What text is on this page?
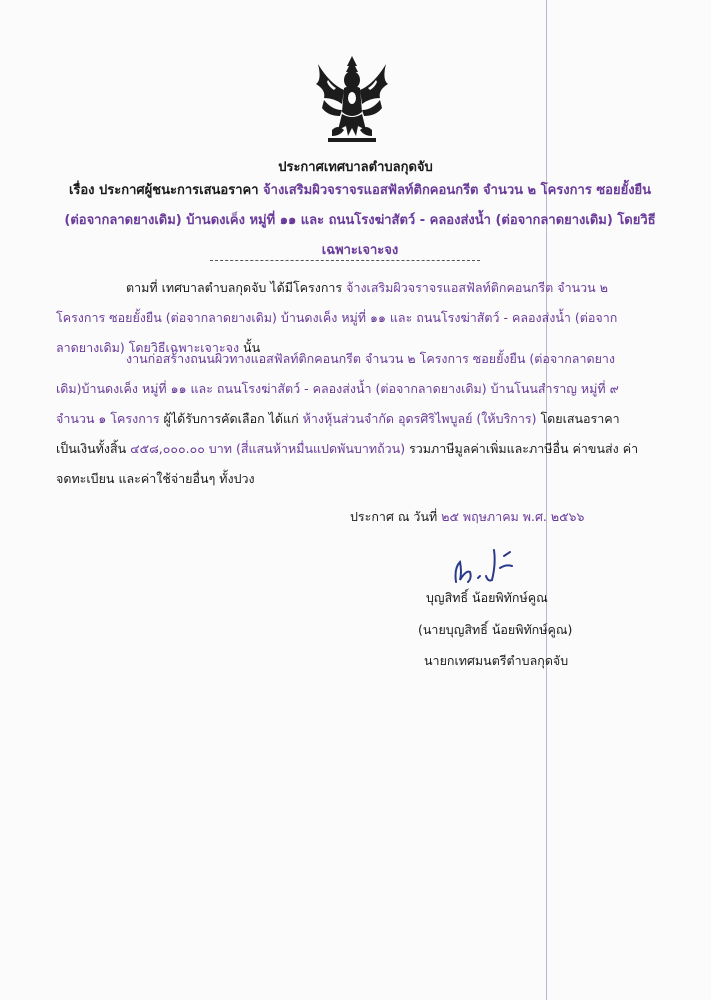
ประกาศเทศบาลตำบลกุดจับ
เรื่อง ประกาศผู้ชนะการเสนอราคา จ้างเสริมผิวจราจรแอสฟัลท์ติกคอนกรีต จำนวน ๒ โครงการ ซอยยั้งยืน (ต่อจากลาดยางเดิม) บ้านดงเค็ง หมู่ที่ ๑๑ และ ถนนโรงฆ่าสัตว์ - คลองส่งน้ำ (ต่อจากลาดยางเดิม) โดยวิธีเฉพาะเจาะจง
ตามที่ เทศบาลตำบลกุดจับ ได้มีโครงการ จ้างเสริมผิวจราจรแอสฟัลท์ติกคอนกรีต จำนวน ๒ โครงการ ซอยยั้งยืน (ต่อจากลาดยางเดิม) บ้านดงเค็ง หมู่ที่ ๑๑ และ ถนนโรงฆ่าสัตว์ - คลองส่งน้ำ (ต่อจากลาดยางเดิม) โดยวิธีเฉพาะเจาะจง นั้น
งานก่อสร้างถนนผิวทางแอสฟัลท์ติกคอนกรีต จำนวน ๒ โครงการ ซอยยั้งยืน (ต่อจากลาดยางเดิม)บ้านดงเค็ง หมู่ที่ ๑๑ และ ถนนโรงฆ่าสัตว์ - คลองส่งน้ำ (ต่อจากลาดยางเดิม) บ้านโนนสำราญ หมู่ที่ ๙ จำนวน ๑ โครงการ ผู้ได้รับการคัดเลือก ได้แก่ ห้างหุ้นส่วนจำกัด อุดรศิริไพบูลย์ (ให้บริการ) โดยเสนอราคา เป็นเงินทั้งสิ้น ๔๕๘,๐๐๐.๐๐ บาท (สี่แสนห้าหมื่นแปดพันบาทถ้วน) รวมภาษีมูลค่าเพิ่มและภาษีอื่น ค่าขนส่ง ค่าจดทะเบียน และค่าใช้จ่ายอื่นๆ ทั้งปวง
ประกาศ ณ วันที่ ๒๕ พฤษภาคม พ.ศ. ๒๕๖๖
บุญสิทธิ์ น้อยพิทักษ์คูณ
(นายบุญสิทธิ์ น้อยพิทักษ์คูณ)
นายกเทศมนตรีตำบลกุดจับ
